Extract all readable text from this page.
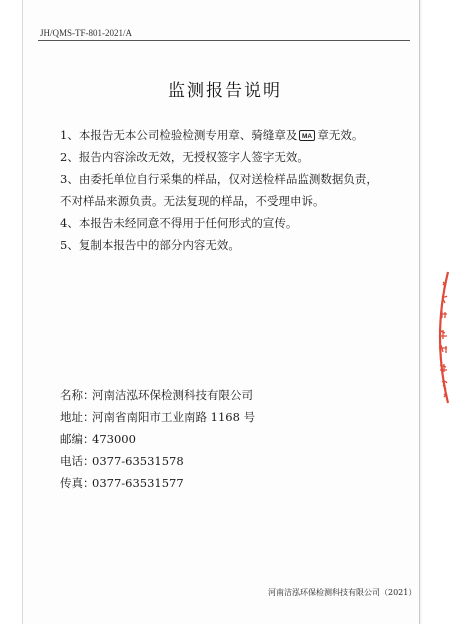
JH/QMS-TF-801-2021/A
监测报告说明
1、本报告无本公司检验检测专用章、骑缝章及 MA 章无效。
2、报告内容涂改无效，无授权签字人签字无效。
3、由委托单位自行采集的样品，仅对送检样品监测数据负责，
不对样品来源负责。无法复现的样品，不受理申诉。
4、本报告未经同意不得用于任何形式的宣传。
5、复制本报告中的部分内容无效。
名称：河南洁泓环保检测科技有限公司
地址：河南省南阳市工业南路 1168 号
邮编：473000
电话：0377-63531578
传真：0377-63531577
河南洁泓环保检测科技有限公司（2021）
